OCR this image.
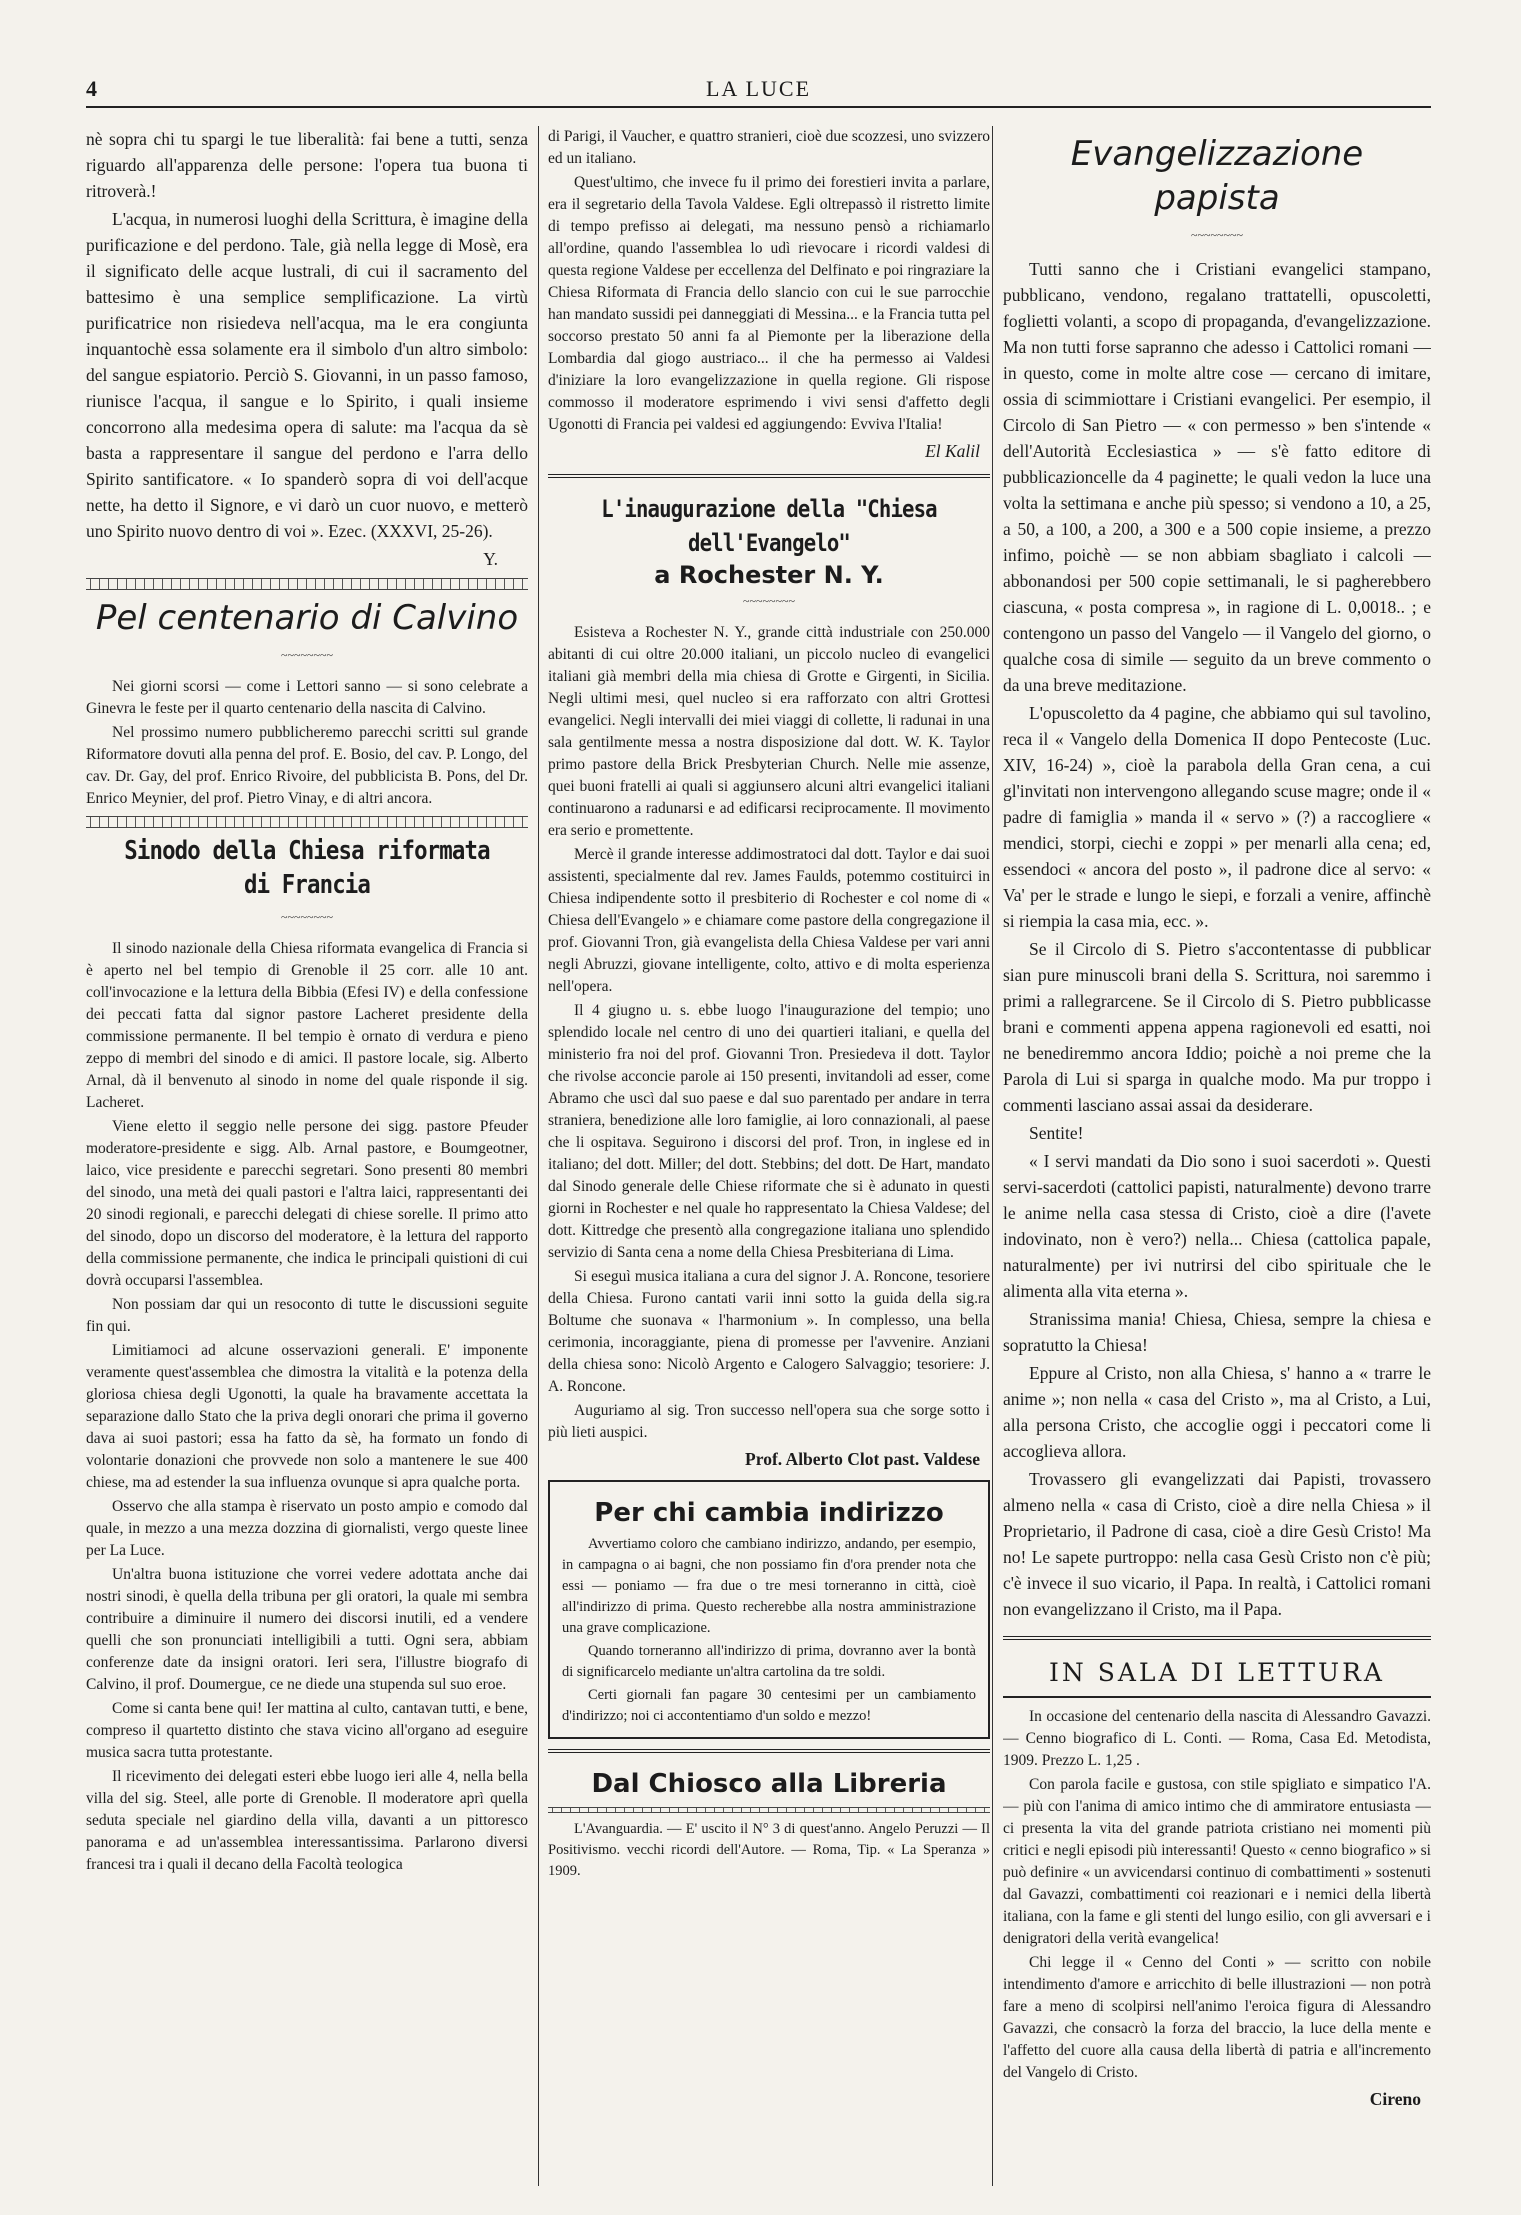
4	LA LUCE

nè sopra chi tu spargi le tue liberalità: fai bene a tutti, senza riguardo all'apparenza delle persone: l'opera tua buona ti ritroverà.!

L'acqua, in numerosi luoghi della Scrittura, è imagine della purificazione e del perdono. Tale, già nella legge di Mosè, era il significato delle acque lustrali, di cui il sacramento del battesimo è una semplice semplificazione. La virtù purificatrice non risiedeva nell'acqua, ma le era congiunta inquantochè essa solamente era il simbolo d'un altro simbolo: del sangue espiatorio. Perciò S. Giovanni, in un passo famoso, riunisce l'acqua, il sangue e lo Spirito, i quali insieme concorrono alla medesima opera di salute: ma l'acqua da sè basta a rappresentare il sangue del perdono e l'arra dello Spirito santificatore. « Io spanderò sopra di voi dell'acque nette, ha detto il Signore, e vi darò un cuor nuovo, e metterò uno Spirito nuovo dentro di voi ». Ezec. (XXXVI, 25-26).

Y.
Pel centenario di Calvino
~~~~~~~~

Nei giorni scorsi — come i Lettori sanno — si sono celebrate a Ginevra le feste per il quarto centenario della nascita di Calvino.

Nel prossimo numero pubblicheremo parecchi scritti sul grande Riformatore dovuti alla penna del prof. E. Bosio, del cav. P. Longo, del cav. Dr. Gay, del prof. Enrico Rivoire, del pubblicista B. Pons, del Dr. Enrico Meynier, del prof. Pietro Vinay, e di altri ancora.

Sinodo della Chiesa riformata di Francia
~~~~~~~~

Il sinodo nazionale della Chiesa riformata evangelica di Francia si è aperto nel bel tempio di Grenoble il 25 corr. alle 10 ant. coll'invocazione e la lettura della Bibbia (Efesi IV) e della confessione dei peccati fatta dal signor pastore Lacheret presidente della commissione permanente. Il bel tempio è ornato di verdura e pieno zeppo di membri del sinodo e di amici. Il pastore locale, sig. Alberto Arnal, dà il benvenuto al sinodo in nome del quale risponde il sig. Lacheret.

Viene eletto il seggio nelle persone dei sigg. pastore Pfeuder moderatore-presidente e sigg. Alb. Arnal pastore, e Boumgeotner, laico, vice presidente e parecchi segretari. Sono presenti 80 membri del sinodo, una metà dei quali pastori e l'altra laici, rappresentanti dei 20 sinodi regionali, e parecchi delegati di chiese sorelle. Il primo atto del sinodo, dopo un discorso del moderatore, è la lettura del rapporto della commissione permanente, che indica le principali quistioni di cui dovrà occuparsi l'assemblea.

Non possiam dar qui un resoconto di tutte le discussioni seguite fin qui.

Limitiamoci ad alcune osservazioni generali. E' imponente veramente quest'assemblea che dimostra la vitalità e la potenza della gloriosa chiesa degli Ugonotti, la quale ha bravamente accettata la separazione dallo Stato che la priva degli onorari che prima il governo dava ai suoi pastori; essa ha fatto da sè, ha formato un fondo di volontarie donazioni che provvede non solo a mantenere le sue 400 chiese, ma ad estender la sua influenza ovunque si apra qualche porta.

Osservo che alla stampa è riservato un posto ampio e comodo dal quale, in mezzo a una mezza dozzina di giornalisti, vergo queste linee per La Luce.

Un'altra buona istituzione che vorrei vedere adottata anche dai nostri sinodi, è quella della tribuna per gli oratori, la quale mi sembra contribuire a diminuire il numero dei discorsi inutili, ed a vendere quelli che son pronunciati intelligibili a tutti. Ogni sera, abbiam conferenze date da insigni oratori. Ieri sera, l'illustre biografo di Calvino, il prof. Doumergue, ce ne diede una stupenda sul suo eroe.

Come si canta bene qui! Ier mattina al culto, cantavan tutti, e bene, compreso il quartetto distinto che stava vicino all'organo ad eseguire musica sacra tutta protestante.

Il ricevimento dei delegati esteri ebbe luogo ieri alle 4, nella bella villa del sig. Steel, alle porte di Grenoble. Il moderatore aprì quella seduta speciale nel giardino della villa, davanti a un pittoresco panorama e ad un'assemblea interessantissima. Parlarono diversi francesi tra i quali il decano della Facoltà teologica

di Parigi, il Vaucher, e quattro stranieri, cioè due scozzesi, uno svizzero ed un italiano.

Quest'ultimo, che invece fu il primo dei forestieri invita a parlare, era il segretario della Tavola Valdese. Egli oltrepassò il ristretto limite di tempo prefisso ai delegati, ma nessuno pensò a richiamarlo all'ordine, quando l'assemblea lo udì rievocare i ricordi valdesi di questa regione Valdese per eccellenza del Delfinato e poi ringraziare la Chiesa Riformata di Francia dello slancio con cui le sue parrocchie han mandato sussidi pei danneggiati di Messina... e la Francia tutta pel soccorso prestato 50 anni fa al Piemonte per la liberazione della Lombardia dal giogo austriaco... il che ha permesso ai Valdesi d'iniziare la loro evangelizzazione in quella regione. Gli rispose commosso il moderatore esprimendo i vivi sensi d'affetto degli Ugonotti di Francia pei valdesi ed aggiungendo: Evviva l'Italia!

El Kalil
L'inaugurazione della "Chiesa dell'Evangelo"
a Rochester N. Y.
~~~~~~~~

Esisteva a Rochester N. Y., grande città industriale con 250.000 abitanti di cui oltre 20.000 italiani, un piccolo nucleo di evangelici italiani già membri della mia chiesa di Grotte e Girgenti, in Sicilia. Negli ultimi mesi, quel nucleo si era rafforzato con altri Grottesi evangelici. Negli intervalli dei miei viaggi di collette, li radunai in una sala gentilmente messa a nostra disposizione dal dott. W. K. Taylor primo pastore della Brick Presbyterian Church. Nelle mie assenze, quei buoni fratelli ai quali si aggiunsero alcuni altri evangelici italiani continuarono a radunarsi e ad edificarsi reciprocamente. Il movimento era serio e promettente.

Mercè il grande interesse addimostratoci dal dott. Taylor e dai suoi assistenti, specialmente dal rev. James Faulds, potemmo costituirci in Chiesa indipendente sotto il presbiterio di Rochester e col nome di « Chiesa dell'Evangelo » e chiamare come pastore della congregazione il prof. Giovanni Tron, già evangelista della Chiesa Valdese per vari anni negli Abruzzi, giovane intelligente, colto, attivo e di molta esperienza nell'opera.

Il 4 giugno u. s. ebbe luogo l'inaugurazione del tempio; uno splendido locale nel centro di uno dei quartieri italiani, e quella del ministerio fra noi del prof. Giovanni Tron. Presiedeva il dott. Taylor che rivolse acconcie parole ai 150 presenti, invitandoli ad esser, come Abramo che uscì dal suo paese e dal suo parentado per andare in terra straniera, benedizione alle loro famiglie, ai loro connazionali, al paese che li ospitava. Seguirono i discorsi del prof. Tron, in inglese ed in italiano; del dott. Miller; del dott. Stebbins; del dott. De Hart, mandato dal Sinodo generale delle Chiese riformate che si è adunato in questi giorni in Rochester e nel quale ho rappresentato la Chiesa Valdese; del dott. Kittredge che presentò alla congregazione italiana uno splendido servizio di Santa cena a nome della Chiesa Presbiteriana di Lima.

Si eseguì musica italiana a cura del signor J. A. Roncone, tesoriere della Chiesa. Furono cantati varii inni sotto la guida della sig.ra Boltume che suonava « l'harmonium ». In complesso, una bella cerimonia, incoraggiante, piena di promesse per l'avvenire. Anziani della chiesa sono: Nicolò Argento e Calogero Salvaggio; tesoriere: J. A. Roncone.

Auguriamo al sig. Tron successo nell'opera sua che sorge sotto i più lieti auspici.

Prof. Alberto Clot past. Valdese
Per chi cambia indirizzo

Avvertiamo coloro che cambiano indirizzo, andando, per esempio, in campagna o ai bagni, che non possiamo fin d'ora prender nota che essi — poniamo — fra due o tre mesi torneranno in città, cioè all'indirizzo di prima. Questo recherebbe alla nostra amministrazione una grave complicazione.

Quando torneranno all'indirizzo di prima, dovranno aver la bontà di significarcelo mediante un'altra cartolina da tre soldi.

Certi giornali fan pagare 30 centesimi per un cambiamento d'indirizzo; noi ci accontentiamo d'un soldo e mezzo!

Dal Chiosco alla Libreria

L'Avanguardia. — E' uscito il N° 3 di quest'anno. Angelo Peruzzi — Il Positivismo. vecchi ricordi dell'Autore. — Roma, Tip. « La Speranza » 1909.

Evangelizzazione papista
~~~~~~~~

Tutti sanno che i Cristiani evangelici stampano, pubblicano, vendono, regalano trattatelli, opuscoletti, foglietti volanti, a scopo di propaganda, d'evangelizzazione. Ma non tutti forse sapranno che adesso i Cattolici romani — in questo, come in molte altre cose — cercano di imitare, ossia di scimmiottare i Cristiani evangelici. Per esempio, il Circolo di San Pietro — « con permesso » ben s'intende « dell'Autorità Ecclesiastica » — s'è fatto editore di pubblicazioncelle da 4 paginette; le quali vedon la luce una volta la settimana e anche più spesso; si vendono a 10, a 25, a 50, a 100, a 200, a 300 e a 500 copie insieme, a prezzo infimo, poichè — se non abbiam sbagliato i calcoli — abbonandosi per 500 copie settimanali, le si pagherebbero ciascuna, « posta compresa », in ragione di L. 0,0018.. ; e contengono un passo del Vangelo — il Vangelo del giorno, o qualche cosa di simile — seguito da un breve commento o da una breve meditazione.

L'opuscoletto da 4 pagine, che abbiamo qui sul tavolino, reca il « Vangelo della Domenica II dopo Pentecoste (Luc. XIV, 16-24) », cioè la parabola della Gran cena, a cui gl'invitati non intervengono allegando scuse magre; onde il « padre di famiglia » manda il « servo » (?) a raccogliere « mendici, storpi, ciechi e zoppi » per menarli alla cena; ed, essendoci « ancora del posto », il padrone dice al servo: « Va' per le strade e lungo le siepi, e forzali a venire, affinchè si riempia la casa mia, ecc. ».

Se il Circolo di S. Pietro s'accontentasse di pubblicar sian pure minuscoli brani della S. Scrittura, noi saremmo i primi a rallegrarcene. Se il Circolo di S. Pietro pubblicasse brani e commenti appena appena ragionevoli ed esatti, noi ne benediremmo ancora Iddio; poichè a noi preme che la Parola di Lui si sparga in qualche modo. Ma pur troppo i commenti lasciano assai assai da desiderare.

Sentite!

« I servi mandati da Dio sono i suoi sacerdoti ». Questi servi-sacerdoti (cattolici papisti, naturalmente) devono trarre le anime nella casa stessa di Cristo, cioè a dire (l'avete indovinato, non è vero?) nella... Chiesa (cattolica papale, naturalmente) per ivi nutrirsi del cibo spirituale che le alimenta alla vita eterna ».

Stranissima mania! Chiesa, Chiesa, sempre la chiesa e sopratutto la Chiesa!

Eppure al Cristo, non alla Chiesa, s' hanno a « trarre le anime »; non nella « casa del Cristo », ma al Cristo, a Lui, alla persona Cristo, che accoglie oggi i peccatori come li accoglieva allora.

Trovassero gli evangelizzati dai Papisti, trovassero almeno nella « casa di Cristo, cioè a dire nella Chiesa » il Proprietario, il Padrone di casa, cioè a dire Gesù Cristo! Ma no! Le sapete purtroppo: nella casa Gesù Cristo non c'è più; c'è invece il suo vicario, il Papa. In realtà, i Cattolici romani non evangelizzano il Cristo, ma il Papa.

IN SALA DI LETTURA

In occasione del centenario della nascita di Alessandro Gavazzi. — Cenno biografico di L. Conti. — Roma, Casa Ed. Metodista, 1909. Prezzo L. 1,25 .

Con parola facile e gustosa, con stile spigliato e simpatico l'A. — più con l'anima di amico intimo che di ammiratore entusiasta — ci presenta la vita del grande patriota cristiano nei momenti più critici e negli episodi più interessanti! Questo « cenno biografico » si può definire « un avvicendarsi continuo di combattimenti » sostenuti dal Gavazzi, combattimenti coi reazionari e i nemici della libertà italiana, con la fame e gli stenti del lungo esilio, con gli avversari e i denigratori della verità evangelica!

Chi legge il « Cenno del Conti » — scritto con nobile intendimento d'amore e arricchito di belle illustrazioni — non potrà fare a meno di scolpirsi nell'animo l'eroica figura di Alessandro Gavazzi, che consacrò la forza del braccio, la luce della mente e l'affetto del cuore alla causa della libertà di patria e all'incremento del Vangelo di Cristo.

Cireno
